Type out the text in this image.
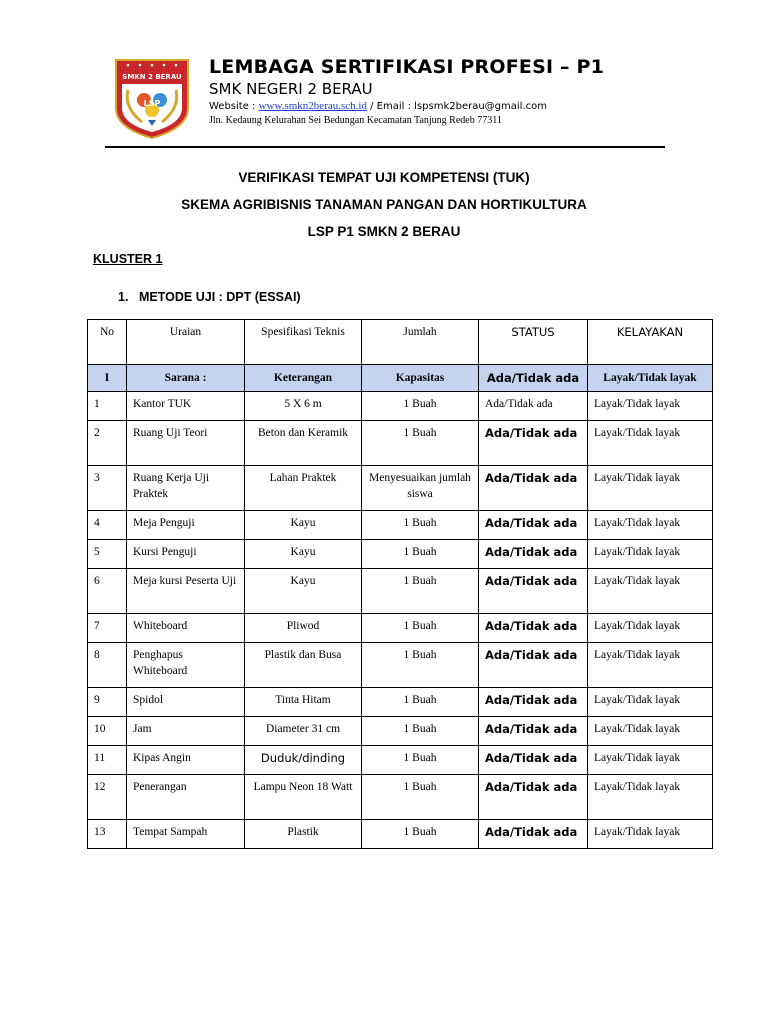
SMKN 2 BERAU
LSP
LEMBAGA SERTIFIKASI PROFESI – P1
SMK NEGERI 2 BERAU
Website : www.smkn2berau.sch.id / Email : lspsmk2berau@gmail.com
Jln. Kedaung Kelurahan Sei Bedungan Kecamatan Tanjung Redeb 77311
VERIFIKASI TEMPAT UJI KOMPETENSI (TUK)
SKEMA AGRIBISNIS TANAMAN PANGAN DAN HORTIKULTURA
LSP P1 SMKN 2 BERAU
KLUSTER 1
1. METODE UJI : DPT (ESSAI)
No	Uraian	Spesifikasi Teknis	Jumlah	STATUS	KELAYAKAN
I	Sarana :	Keterangan	Kapasitas	Ada/Tidak ada	Layak/Tidak layak
1	Kantor TUK	5 X 6 m	1 Buah	Ada/Tidak ada	Layak/Tidak layak
2	Ruang Uji Teori	Beton dan Keramik	1 Buah	Ada/Tidak ada	Layak/Tidak layak
3	Ruang Kerja Uji Praktek	Lahan Praktek	Menyesuaikan jumlah siswa	Ada/Tidak ada	Layak/Tidak layak
4	Meja Penguji	Kayu	1 Buah	Ada/Tidak ada	Layak/Tidak layak
5	Kursi Penguji	Kayu	1 Buah	Ada/Tidak ada	Layak/Tidak layak
6	Meja kursi Peserta Uji	Kayu	1 Buah	Ada/Tidak ada	Layak/Tidak layak
7	Whiteboard	Pliwod	1 Buah	Ada/Tidak ada	Layak/Tidak layak
8	Penghapus Whiteboard	Plastik dan Busa	1 Buah	Ada/Tidak ada	Layak/Tidak layak
9	Spidol	Tinta Hitam	1 Buah	Ada/Tidak ada	Layak/Tidak layak
10	Jam	Diameter 31 cm	1 Buah	Ada/Tidak ada	Layak/Tidak layak
11	Kipas Angin	Duduk/dinding	1 Buah	Ada/Tidak ada	Layak/Tidak layak
12	Penerangan	Lampu Neon 18 Watt	1 Buah	Ada/Tidak ada	Layak/Tidak layak
13	Tempat Sampah	Plastik	1 Buah	Ada/Tidak ada	Layak/Tidak layak
